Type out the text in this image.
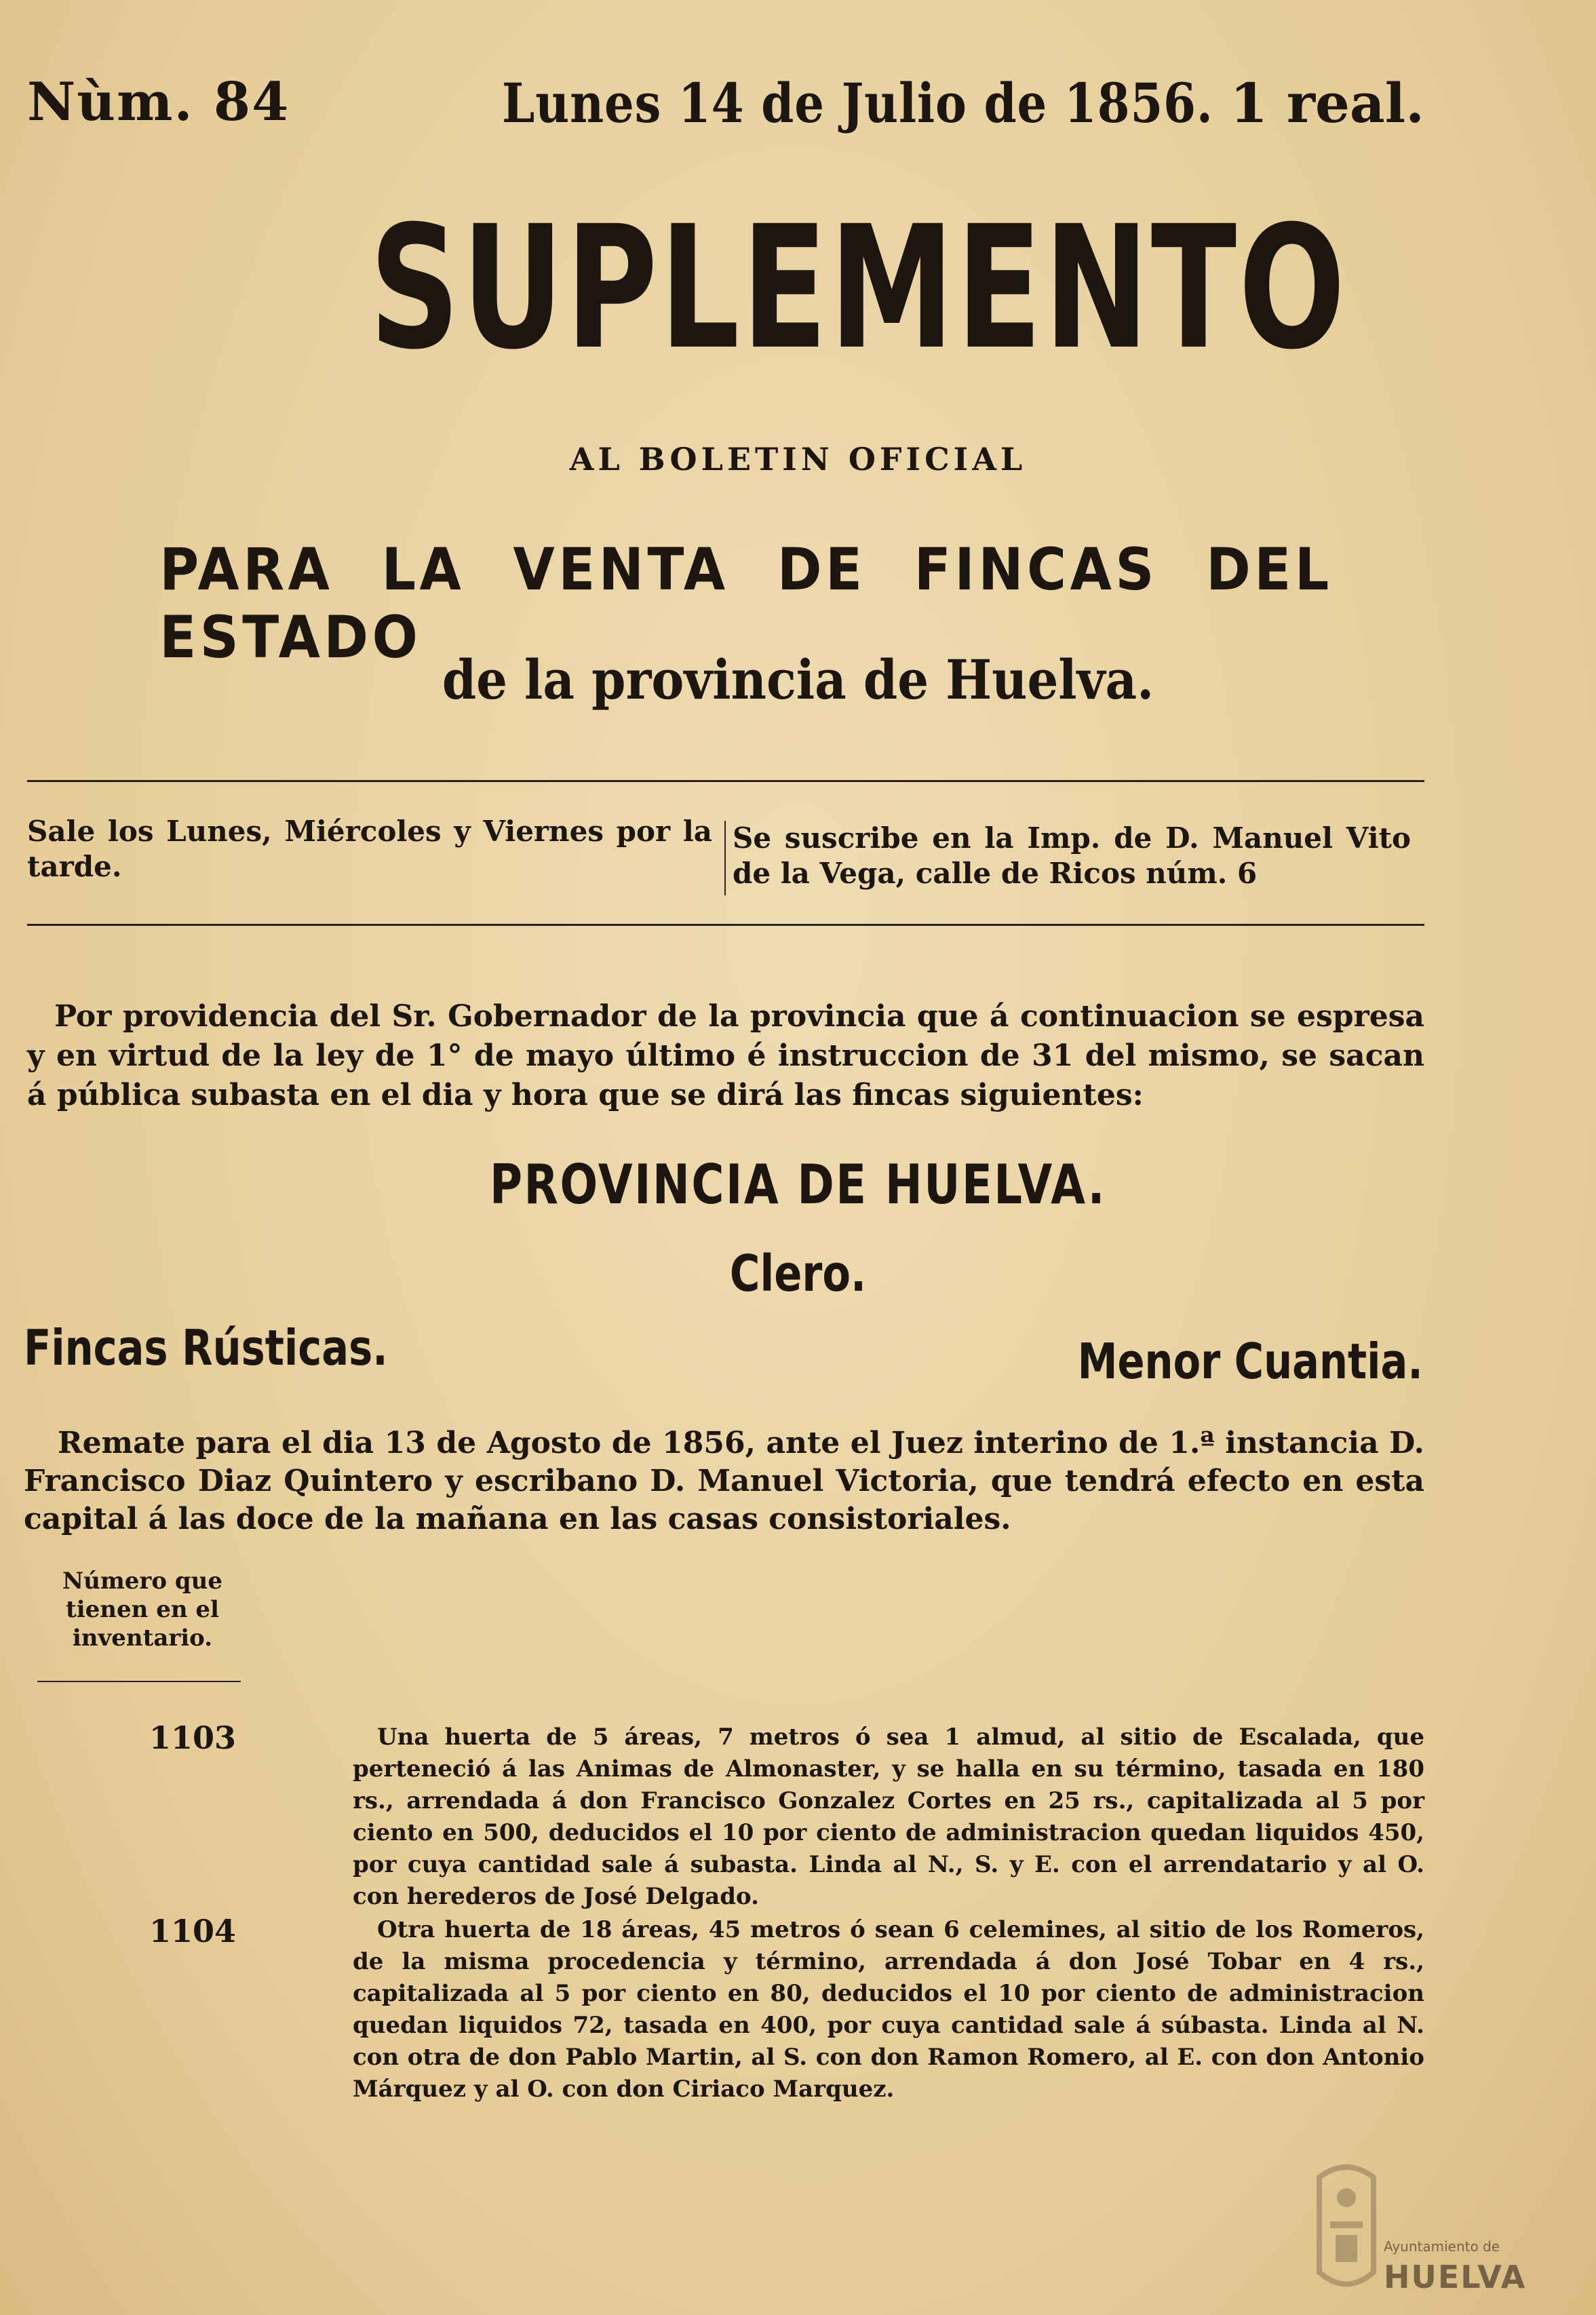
Nùm. 84	Lunes 14 de Julio de 1856. 1 real.
SUPLEMENTO
AL BOLETIN OFICIAL
PARA LA VENTA DE FINCAS DEL ESTADO
de la provincia de Huelva.
Sale los Lunes, Miércoles y Viernes por la tarde.
Se suscribe en la Imp. de D. Manuel Vito de la Vega, calle de Ricos núm. 6
Por providencia del Sr. Gobernador de la provincia que á continuacion se espresa y en virtud de la ley de 1° de mayo último é instruccion de 31 del mismo, se sacan á pública subasta en el dia y hora que se dirá las fincas siguientes:
PROVINCIA DE HUELVA.
Clero.
Fincas Rústicas.	Menor Cuantia.
Remate para el dia 13 de Agosto de 1856, ante el Juez interino de 1.ª instancia D. Francisco Diaz Quintero y escribano D. Manuel Victoria, que tendrá efecto en esta capital á las doce de la mañana en las casas consistoriales.
Número que tienen en el inventario.
1103	Una huerta de 5 áreas, 7 metros ó sea 1 almud, al sitio de Escalada, que perteneció á las Animas de Almonaster, y se halla en su término, tasada en 180 rs., arrendada á don Francisco Gonzalez Cortes en 25 rs., capitalizada al 5 por ciento en 500, deducidos el 10 por ciento de administracion quedan liquidos 450, por cuya cantidad sale á subasta. Linda al N., S. y E. con el arrendatario y al O. con herederos de José Delgado.
1104	Otra huerta de 18 áreas, 45 metros ó sean 6 celemines, al sitio de los Romeros, de la misma procedencia y término, arrendada á don José Tobar en 4 rs., capitalizada al 5 por ciento en 80, deducidos el 10 por ciento de administracion quedan liquidos 72, tasada en 400, por cuya cantidad sale á súbasta. Linda al N. con otra de don Pablo Martin, al S. con don Ramon Romero, al E. con don Antonio Márquez y al O. con don Ciriaco Marquez.
Ayuntamiento de
HUELVA
